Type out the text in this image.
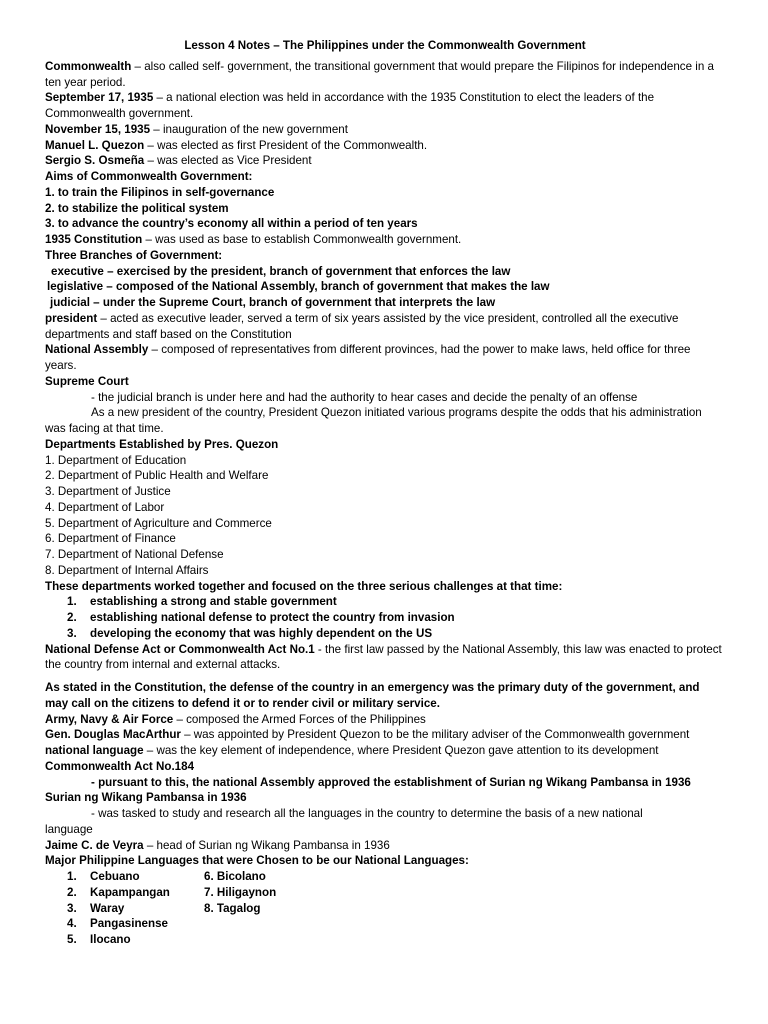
Lesson 4 Notes – The Philippines under the Commonwealth Government

Commonwealth – also called self- government, the transitional government that would prepare the Filipinos for independence in a ten year period.

September 17, 1935 – a national election was held in accordance with the 1935 Constitution to elect the leaders of the Commonwealth government.

November 15, 1935 – inauguration of the new government

Manuel L. Quezon – was elected as first President of the Commonwealth.

Sergio S. Osmeña – was elected as Vice President

Aims of Commonwealth Government:

1. to train the Filipinos in self-governance

2. to stabilize the political system

3. to advance the country’s economy all within a period of ten years

1935 Constitution – was used as base to establish Commonwealth government.

Three Branches of Government:

executive – exercised by the president, branch of government that enforces the law

legislative – composed of the National Assembly, branch of government that makes the law

judicial – under the Supreme Court, branch of government that interprets the law

president – acted as executive leader, served a term of six years assisted by the vice president, controlled all the executive departments and staff based on the Constitution

National Assembly – composed of representatives from different provinces, had the power to make laws, held office for three years.

Supreme Court

- the judicial branch is under here and had the authority to hear cases and decide the penalty of an offense

As a new president of the country, President Quezon initiated various programs despite the odds that his administration was facing at that time.

Departments Established by Pres. Quezon

1. Department of Education

2. Department of Public Health and Welfare

3. Department of Justice

4. Department of Labor

5. Department of Agriculture and Commerce

6. Department of Finance

7. Department of National Defense

8. Department of Internal Affairs

These departments worked together and focused on the three serious challenges at that time:

1.	establishing a strong and stable government
2.	establishing national defense to protect the country from invasion
3.	developing the economy that was highly dependent on the US

National Defense Act or Commonwealth Act No.1 - the first law passed by the National Assembly, this law was enacted to protect the country from internal and external attacks.

As stated in the Constitution, the defense of the country in an emergency was the primary duty of the government, and may call on the citizens to defend it or to render civil or military service.

Army, Navy & Air Force – composed the Armed Forces of the Philippines

Gen. Douglas MacArthur – was appointed by President Quezon to be the military adviser of the Commonwealth government

national language – was the key element of independence, where President Quezon gave attention to its development

Commonwealth Act No.184

- pursuant to this, the national Assembly approved the establishment of Surian ng Wikang Pambansa in 1936

Surian ng Wikang Pambansa in 1936

- was tasked to study and research all the languages in the country to determine the basis of a new national

language

Jaime C. de Veyra – head of Surian ng Wikang Pambansa in 1936

Major Philippine Languages that were Chosen to be our National Languages:

1.	Cebuano	6. Bicolano
2.	Kapampangan	7. Hiligaynon
3.	Waray	8. Tagalog
4.	Pangasinense
5.	Ilocano
